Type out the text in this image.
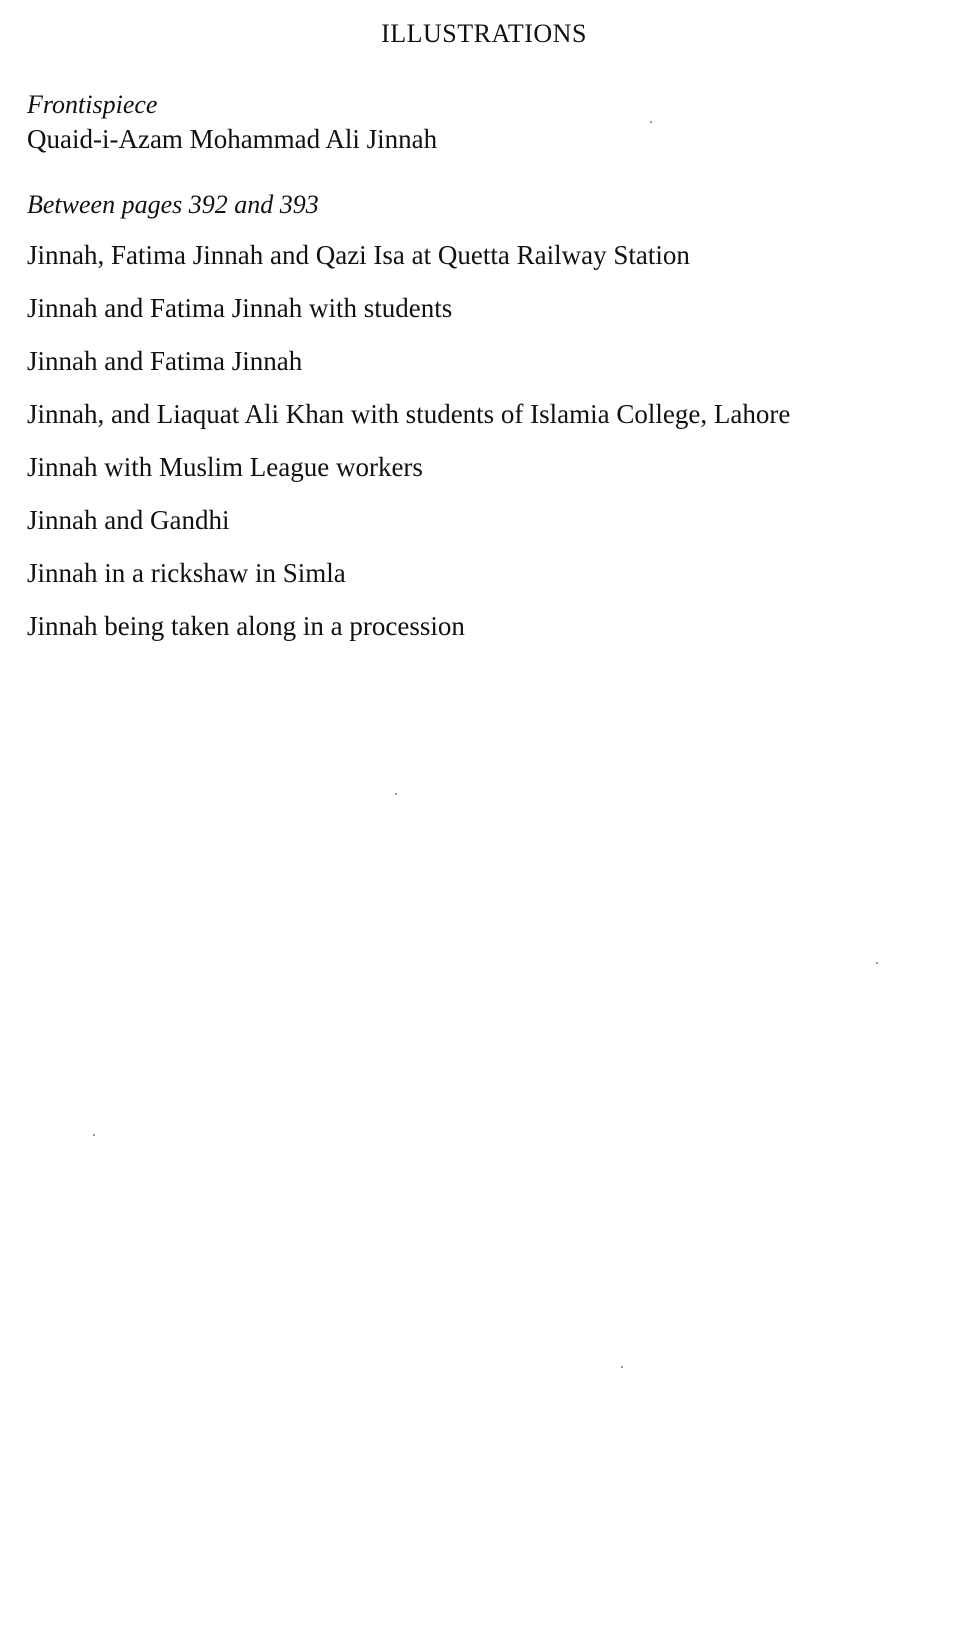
ILLUSTRATIONS

Frontispiece

Quaid-i-Azam Mohammad Ali Jinnah

Between pages 392 and 393

Jinnah, Fatima Jinnah and Qazi Isa at Quetta Railway Station
Jinnah and Fatima Jinnah with students
Jinnah and Fatima Jinnah
Jinnah, and Liaquat Ali Khan with students of Islamia College, Lahore
Jinnah with Muslim League workers
Jinnah and Gandhi
Jinnah in a rickshaw in Simla
Jinnah being taken along in a procession
